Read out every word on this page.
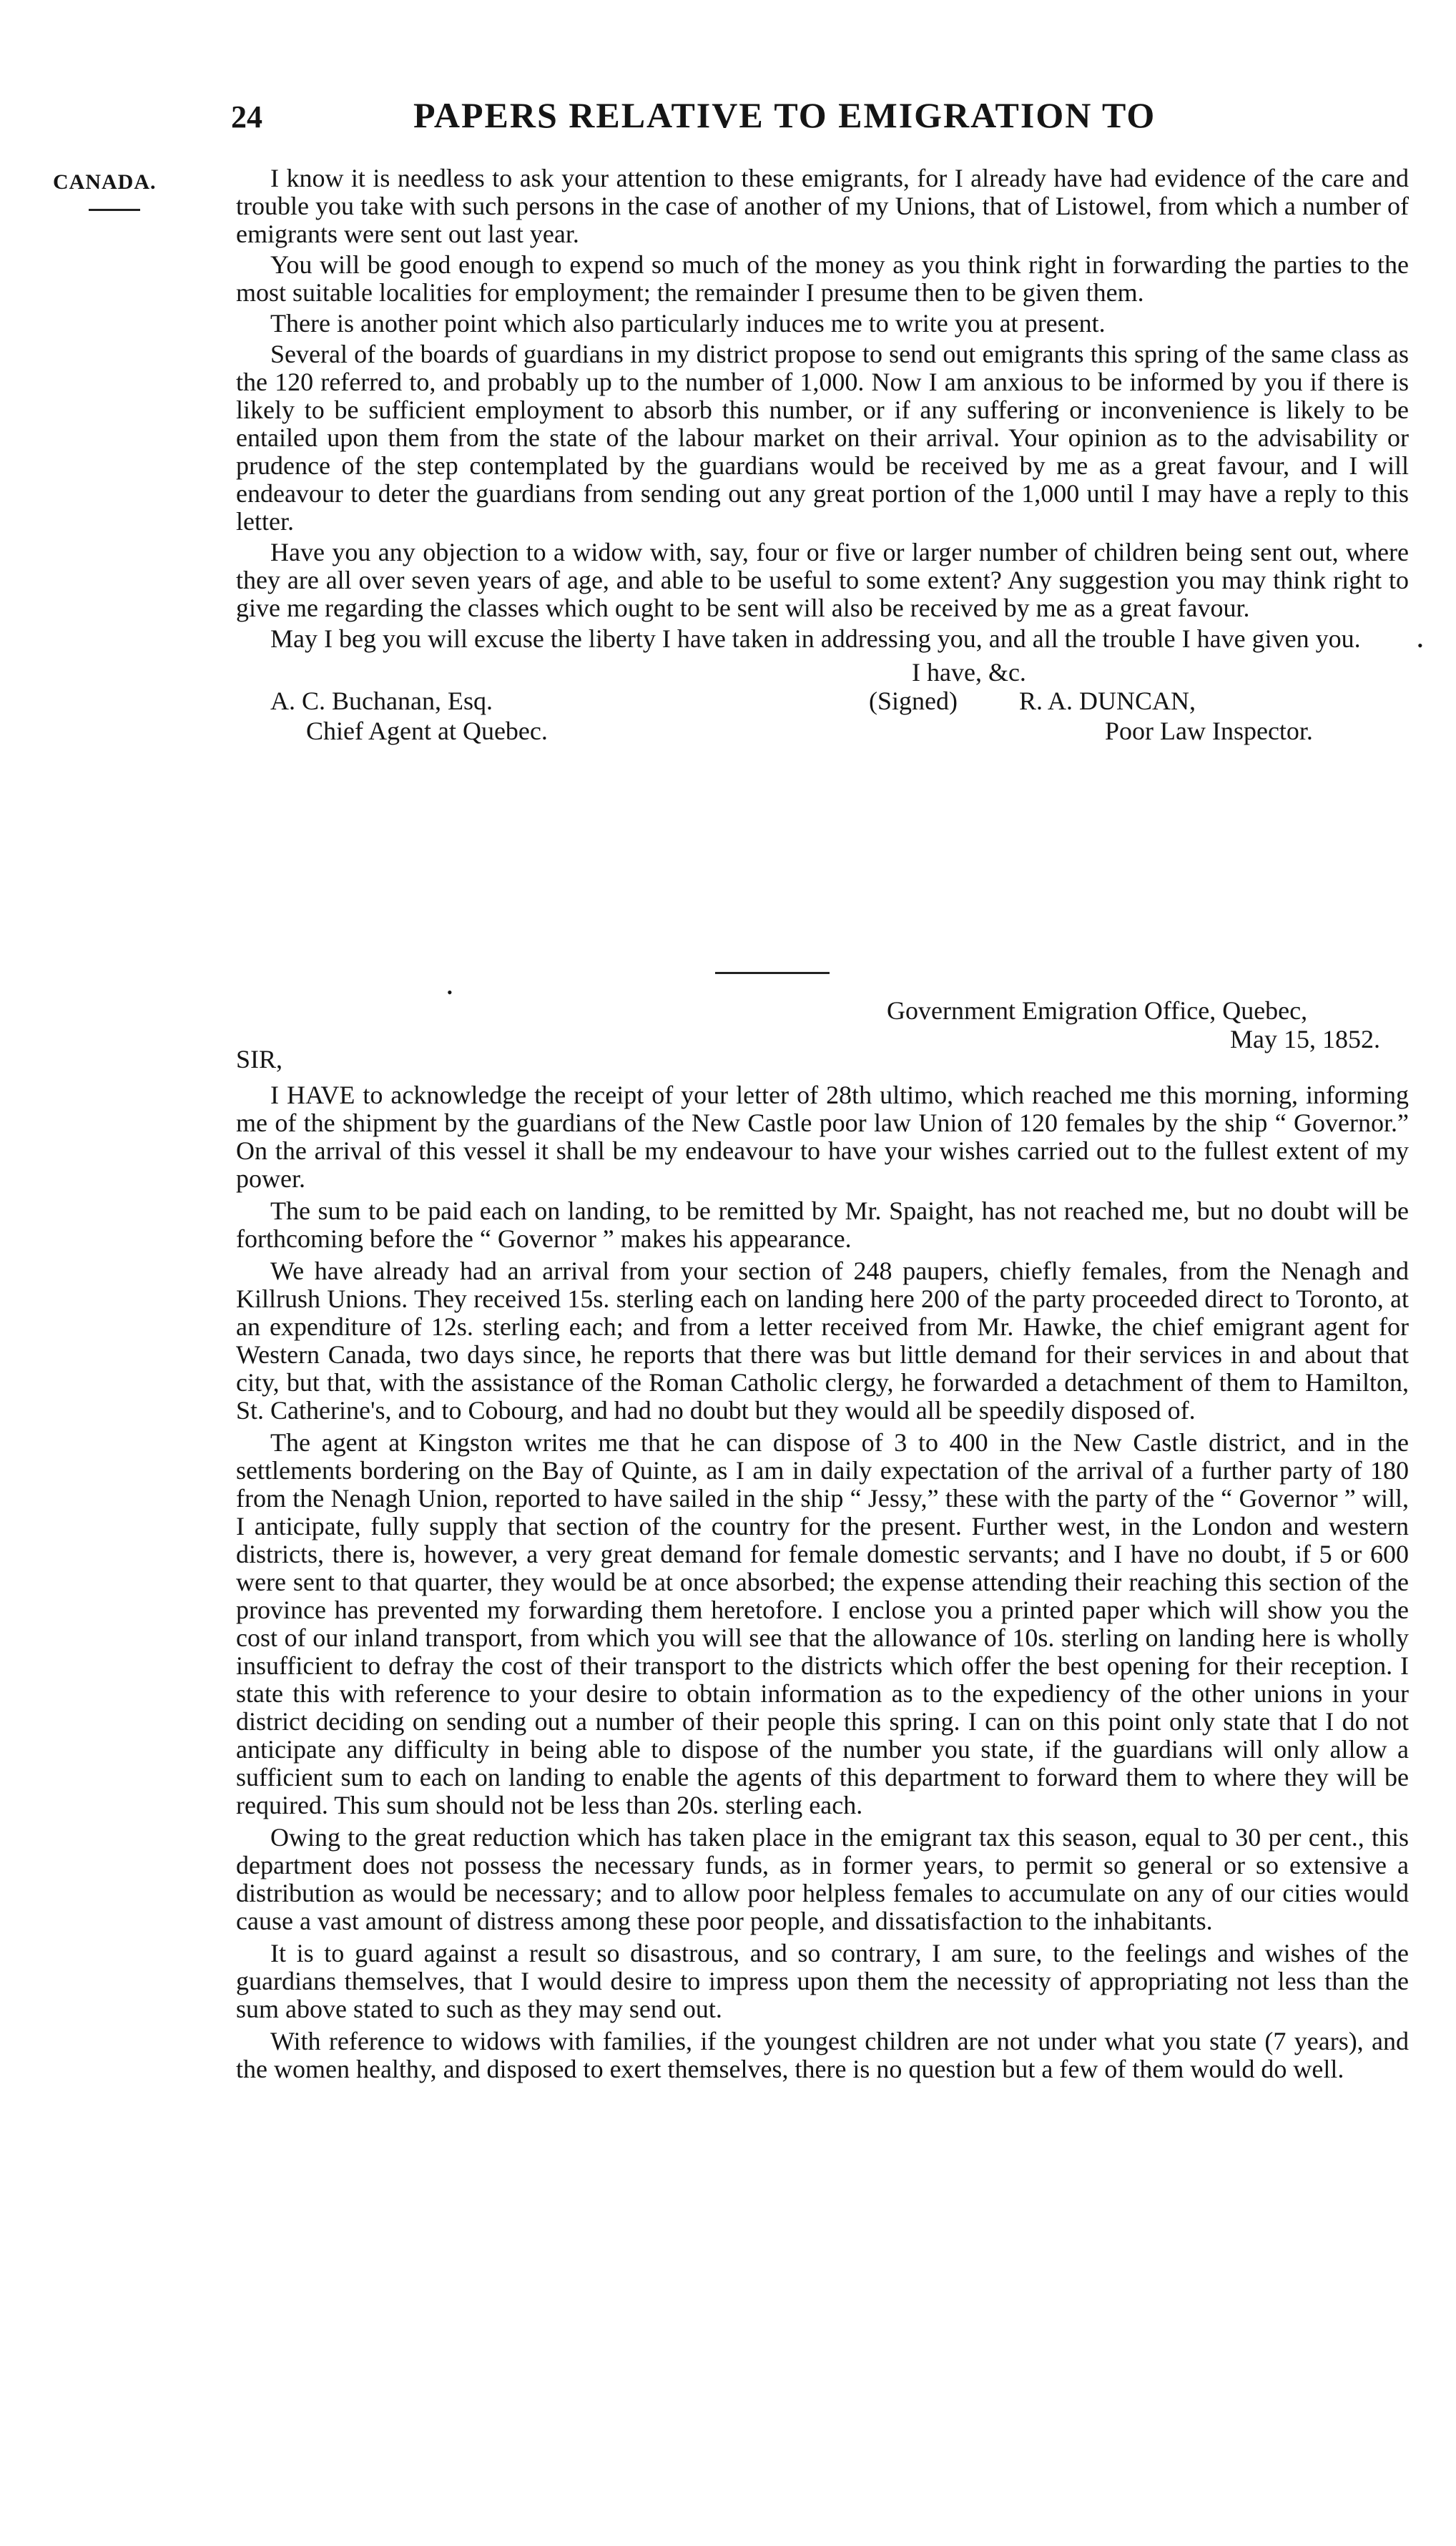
24	PAPERS RELATIVE TO EMIGRATION TO
CANADA.
•

I know it is needless to ask your attention to these emigrants, for I already have had evidence of the care and trouble you take with such persons in the case of another of my Unions, that of Listowel, from which a number of emigrants were sent out last year.

You will be good enough to expend so much of the money as you think right in forwarding the parties to the most suitable localities for employment; the remainder I presume then to be given them.

There is another point which also particularly induces me to write you at present.

Several of the boards of guardians in my district propose to send out emigrants this spring of the same class as the 120 referred to, and probably up to the number of 1,000. Now I am anxious to be informed by you if there is likely to be sufficient employment to absorb this number, or if any suffering or inconvenience is likely to be entailed upon them from the state of the labour market on their arrival. Your opinion as to the advisability or prudence of the step contemplated by the guardians would be received by me as a great favour, and I will endeavour to deter the guardians from sending out any great portion of the 1,000 until I may have a reply to this letter.

Have you any objection to a widow with, say, four or five or larger number of children being sent out, where they are all over seven years of age, and able to be useful to some extent? Any suggestion you may think right to give me regarding the classes which ought to be sent will also be received by me as a great favour.

May I beg you will excuse the liberty I have taken in addressing you, and all the trouble I have given you.

I have, &c.
(Signed) R. A. DUNCAN,
Poor Law Inspector.
A. C. Buchanan, Esq.
Chief Agent at Quebec.
•
Government Emigration Office, Quebec,
May 15, 1852.
SIR,

I HAVE to acknowledge the receipt of your letter of 28th ultimo, which reached me this morning, informing me of the shipment by the guardians of the New Castle poor law Union of 120 females by the ship “ Governor.” On the arrival of this vessel it shall be my endeavour to have your wishes carried out to the fullest extent of my power.

The sum to be paid each on landing, to be remitted by Mr. Spaight, has not reached me, but no doubt will be forthcoming before the “ Governor ” makes his appearance.

We have already had an arrival from your section of 248 paupers, chiefly females, from the Nenagh and Killrush Unions. They received 15s. sterling each on landing here 200 of the party proceeded direct to Toronto, at an expenditure of 12s. sterling each; and from a letter received from Mr. Hawke, the chief emigrant agent for Western Canada, two days since, he reports that there was but little demand for their services in and about that city, but that, with the assistance of the Roman Catholic clergy, he forwarded a detachment of them to Hamilton, St. Catherine's, and to Cobourg, and had no doubt but they would all be speedily disposed of.

The agent at Kingston writes me that he can dispose of 3 to 400 in the New Castle district, and in the settlements bordering on the Bay of Quinte, as I am in daily expectation of the arrival of a further party of 180 from the Nenagh Union, reported to have sailed in the ship “ Jessy,” these with the party of the “ Governor ” will, I anticipate, fully supply that section of the country for the present. Further west, in the London and western districts, there is, however, a very great demand for female domestic servants; and I have no doubt, if 5 or 600 were sent to that quarter, they would be at once absorbed; the expense attending their reaching this section of the province has prevented my forwarding them heretofore. I enclose you a printed paper which will show you the cost of our inland transport, from which you will see that the allowance of 10s. sterling on landing here is wholly insufficient to defray the cost of their transport to the districts which offer the best opening for their reception. I state this with reference to your desire to obtain information as to the expediency of the other unions in your district deciding on sending out a number of their people this spring. I can on this point only state that I do not anticipate any difficulty in being able to dispose of the number you state, if the guardians will only allow a sufficient sum to each on landing to enable the agents of this department to forward them to where they will be required. This sum should not be less than 20s. sterling each.

Owing to the great reduction which has taken place in the emigrant tax this season, equal to 30 per cent., this department does not possess the necessary funds, as in former years, to permit so general or so extensive a distribution as would be necessary; and to allow poor helpless females to accumulate on any of our cities would cause a vast amount of distress among these poor people, and dissatisfaction to the inhabitants.

It is to guard against a result so disastrous, and so contrary, I am sure, to the feelings and wishes of the guardians themselves, that I would desire to impress upon them the necessity of appropriating not less than the sum above stated to such as they may send out.

With reference to widows with families, if the youngest children are not under what you state (7 years), and the women healthy, and disposed to exert themselves, there is no question but a few of them would do well.
